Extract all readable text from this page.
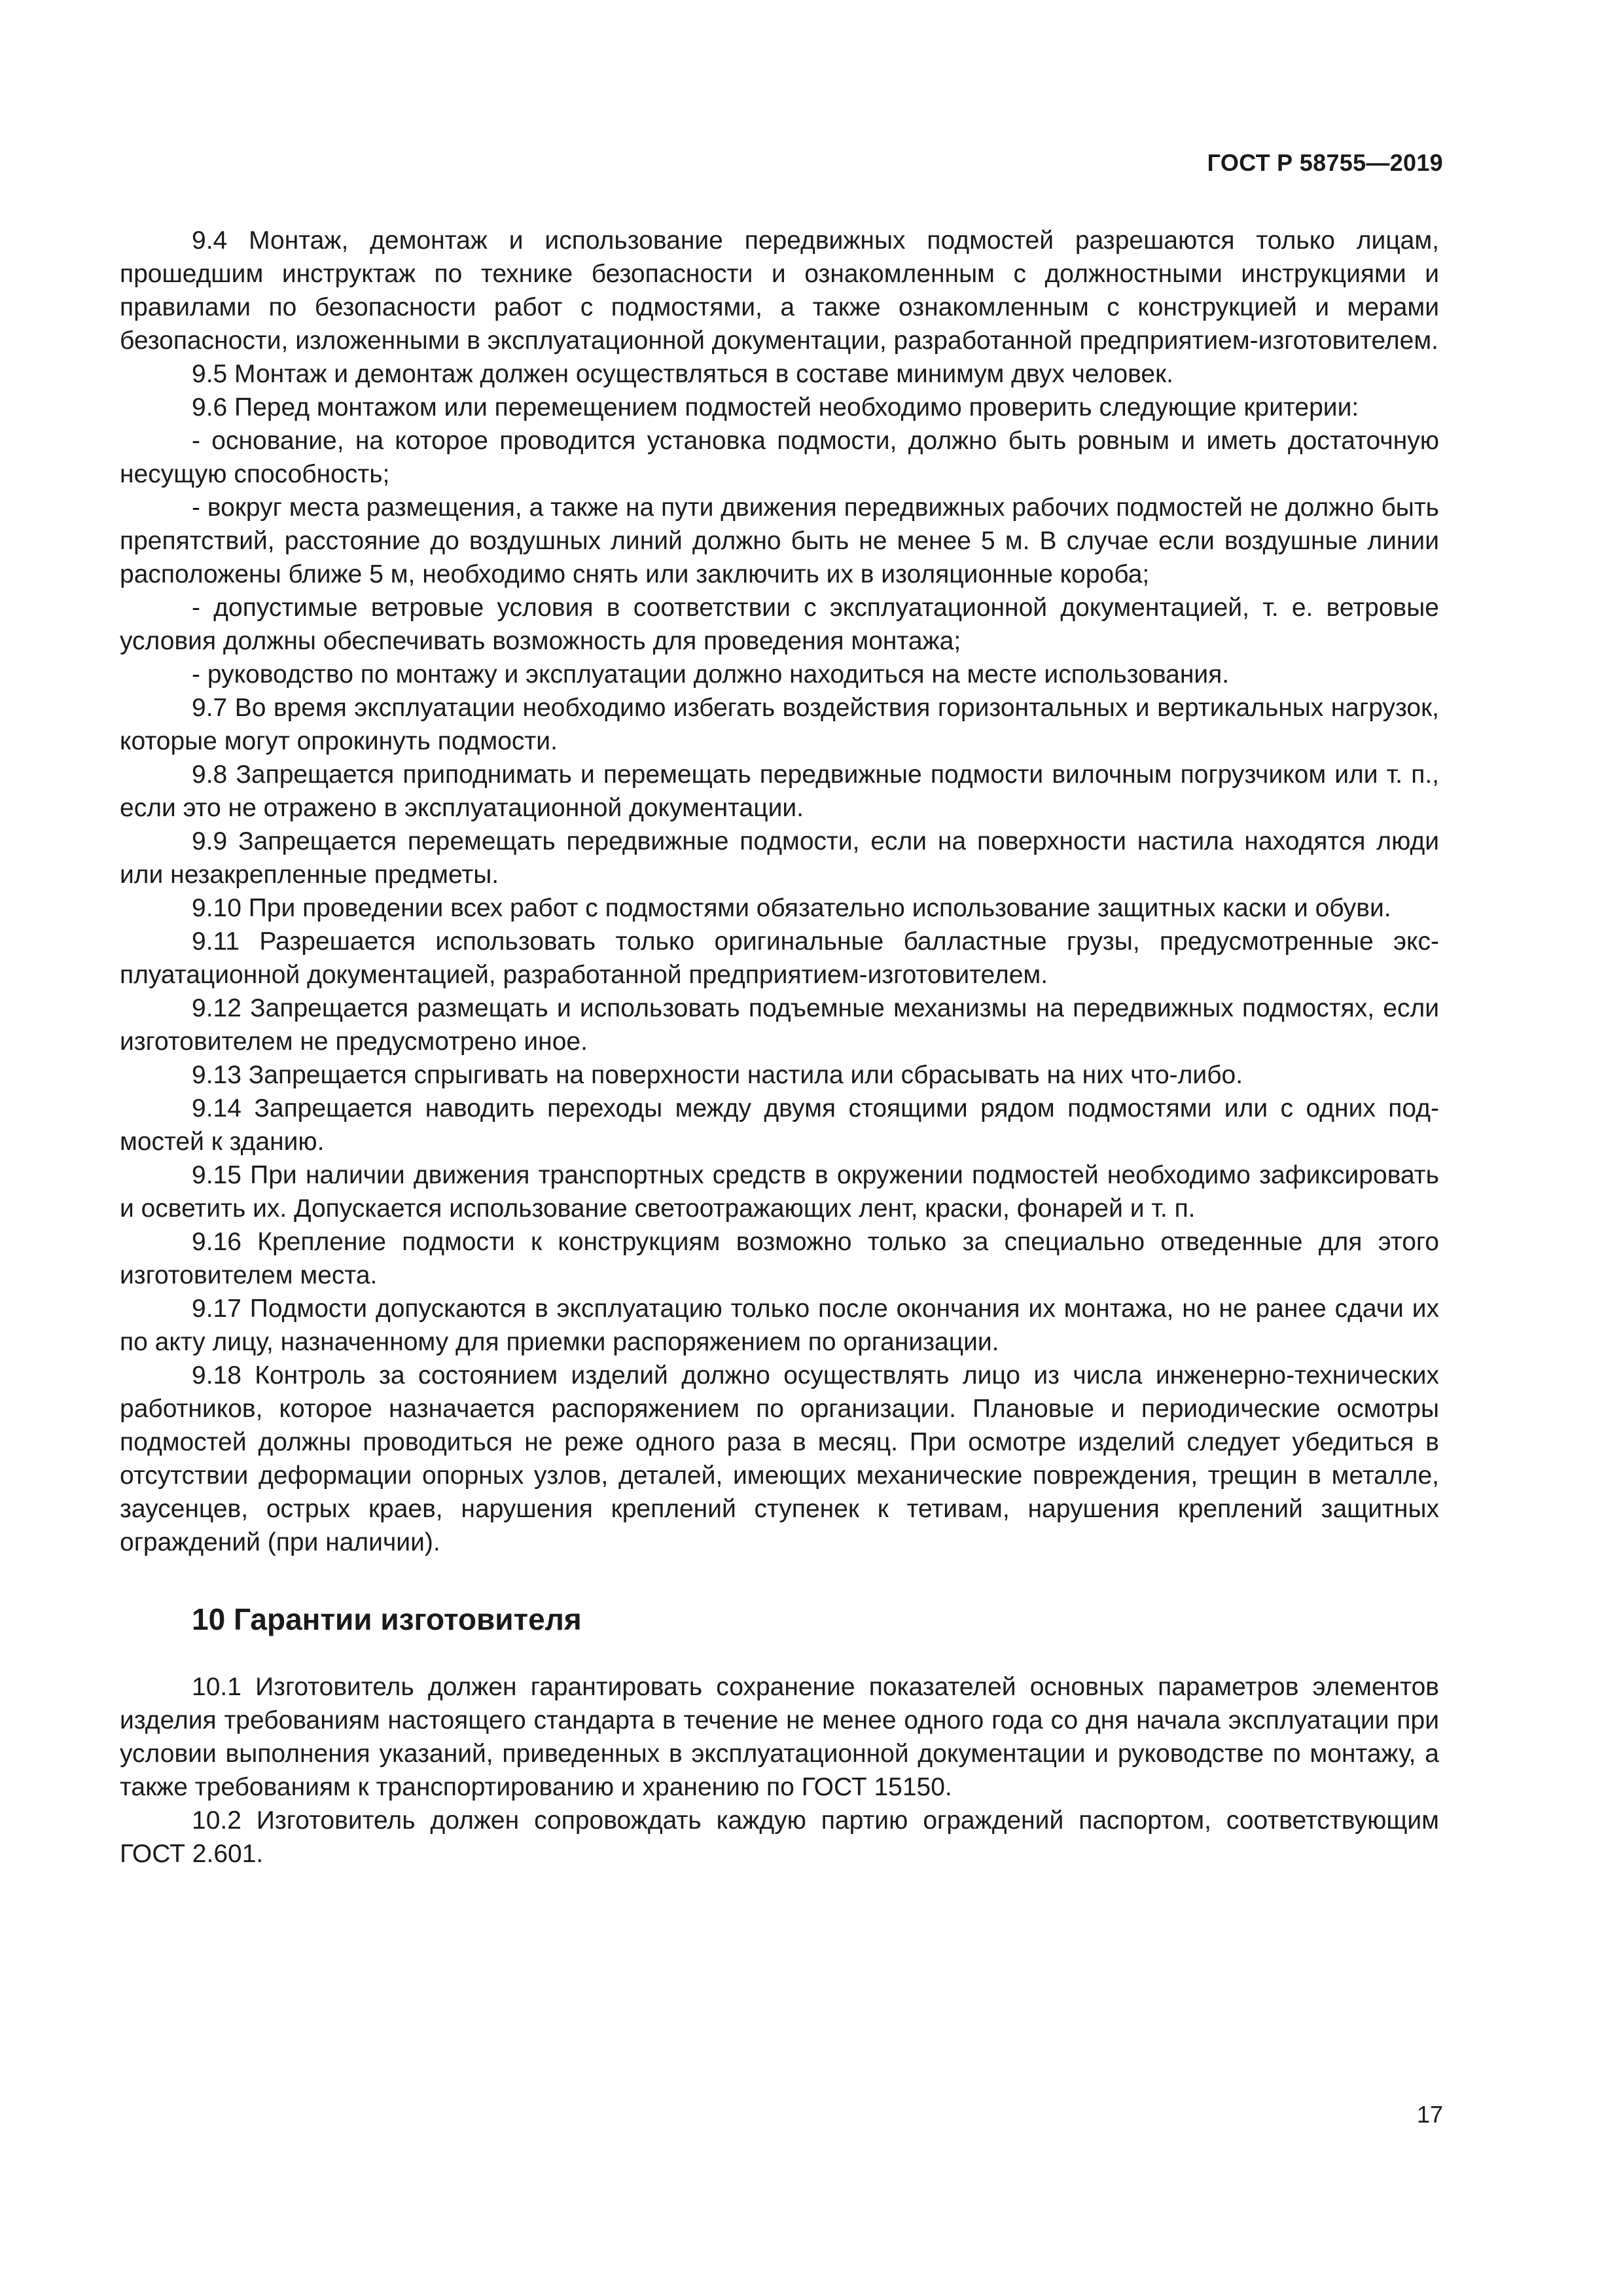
ГОСТ Р 58755—2019

9.4 Монтаж, демонтаж и использование передвижных подмостей разрешаются только лицам, прошедшим инструктаж по технике безопасности и ознакомленным с должностными инструкциями и правилами по безопасности работ с подмостями, а также ознакомленным с конструкцией и мерами безопасности, изложенными в эксплуатационной документации, разработанной предприятием-изготовителем.

9.5 Монтаж и демонтаж должен осуществляться в составе минимум двух человек.

9.6 Перед монтажом или перемещением подмостей необходимо проверить следующие критерии:

- основание, на которое проводится установка подмости, должно быть ровным и иметь достаточную несущую способность;

- вокруг места размещения, а также на пути движения передвижных рабочих подмостей не должно быть препятствий, расстояние до воздушных линий должно быть не менее 5 м. В случае если воздушные линии расположены ближе 5 м, необходимо снять или заключить их в изоляционные короба;

- допустимые ветровые условия в соответствии с эксплуатационной документацией, т. е. ветровые условия должны обеспечивать возможность для проведения монтажа;

- руководство по монтажу и эксплуатации должно находиться на месте использования.

9.7 Во время эксплуатации необходимо избегать воздействия горизонтальных и вертикальных нагрузок, которые могут опрокинуть подмости.

9.8 Запрещается приподнимать и перемещать передвижные подмости вилочным погрузчиком или т. п., если это не отражено в эксплуатационной документации.

9.9 Запрещается перемещать передвижные подмости, если на поверхности настила находятся люди или незакрепленные предметы.

9.10 При проведении всех работ с подмостями обязательно использование защитных каски и обуви.

9.11 Разрешается использовать только оригинальные балластные грузы, предусмотренные эксплуатационной документацией, разработанной предприятием-изготовителем.

9.12 Запрещается размещать и использовать подъемные механизмы на передвижных подмостях, если изготовителем не предусмотрено иное.

9.13 Запрещается спрыгивать на поверхности настила или сбрасывать на них что-либо.

9.14 Запрещается наводить переходы между двумя стоящими рядом подмостями или с одних подмостей к зданию.

9.15 При наличии движения транспортных средств в окружении подмостей необходимо зафиксировать и осветить их. Допускается использование светоотражающих лент, краски, фонарей и т. п.

9.16 Крепление подмости к конструкциям возможно только за специально отведенные для этого изготовителем места.

9.17 Подмости допускаются в эксплуатацию только после окончания их монтажа, но не ранее сдачи их по акту лицу, назначенному для приемки распоряжением по организации.

9.18 Контроль за состоянием изделий должно осуществлять лицо из числа инженерно-технических работников, которое назначается распоряжением по организации. Плановые и периодические осмотры подмостей должны проводиться не реже одного раза в месяц. При осмотре изделий следует убедиться в отсутствии деформации опорных узлов, деталей, имеющих механические повреждения, трещин в металле, заусенцев, острых краев, нарушения креплений ступенек к тетивам, нарушения креплений защитных ограждений (при наличии).

10 Гарантии изготовителя

10.1 Изготовитель должен гарантировать сохранение показателей основных параметров элементов изделия требованиям настоящего стандарта в течение не менее одного года со дня начала эксплуатации при условии выполнения указаний, приведенных в эксплуатационной документации и руководстве по монтажу, а также требованиям к транспортированию и хранению по ГОСТ 15150.

10.2 Изготовитель должен сопровождать каждую партию ограждений паспортом, соответствующим ГОСТ 2.601.

17
